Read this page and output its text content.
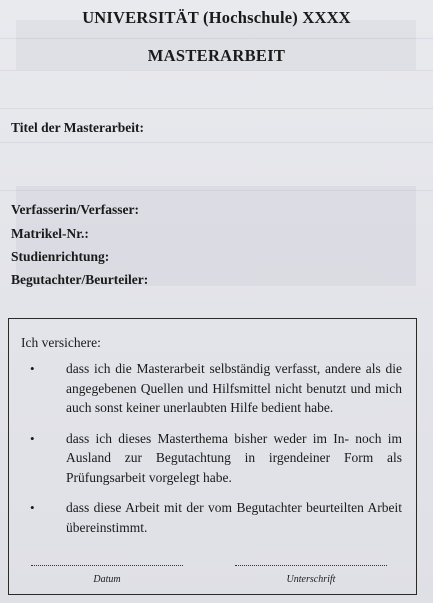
UNIVERSITÄT (Hochschule) XXXX
MASTERARBEIT
Titel der Masterarbeit:
Verfasserin/Verfasser:
Matrikel-Nr.:
Studienrichtung:
Begutachter/Beurteiler:
Ich versichere:
• dass ich die Masterarbeit selbständig verfasst, andere als die angegebenen Quellen und Hilfsmittel nicht benutzt und mich auch sonst keiner unerlaubten Hilfe bedient habe.
• dass ich dieses Masterthema bisher weder im In- noch im Ausland zur Begutachtung in irgendeiner Form als Prüfungsarbeit vorgelegt habe.
• dass diese Arbeit mit der vom Begutachter beurteilten Arbeit übereinstimmt.
Datum	Unterschrift
